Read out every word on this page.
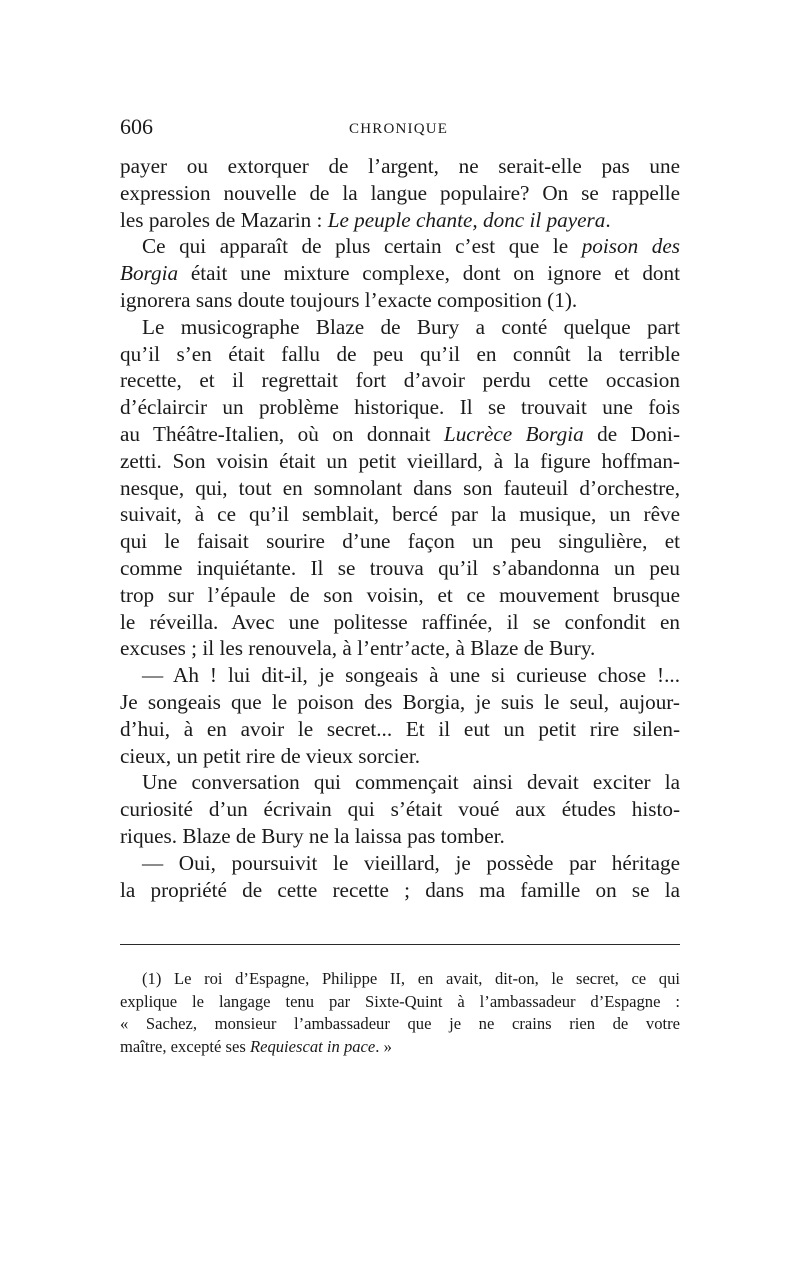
606	CHRONIQUE
payer ou extorquer de l’argent, ne serait-elle pas une
expression nouvelle de la langue populaire? On se rappelle
les paroles de Mazarin : Le peuple chante, donc il payera.
Ce qui apparaît de plus certain c’est que le poison des
Borgia était une mixture complexe, dont on ignore et dont
ignorera sans doute toujours l’exacte composition (1).
Le musicographe Blaze de Bury a conté quelque part
qu’il s’en était fallu de peu qu’il en connût la terrible
recette, et il regrettait fort d’avoir perdu cette occasion
d’éclaircir un problème historique. Il se trouvait une fois
au Théâtre-Italien, où on donnait Lucrèce Borgia de Doni-
zetti. Son voisin était un petit vieillard, à la figure hoffman-
nesque, qui, tout en somnolant dans son fauteuil d’orchestre,
suivait, à ce qu’il semblait, bercé par la musique, un rêve
qui le faisait sourire d’une façon un peu singulière, et
comme inquiétante. Il se trouva qu’il s’abandonna un peu
trop sur l’épaule de son voisin, et ce mouvement brusque
le réveilla. Avec une politesse raffinée, il se confondit en
excuses ; il les renouvela, à l’entr’acte, à Blaze de Bury.
— Ah ! lui dit-il, je songeais à une si curieuse chose !...
Je songeais que le poison des Borgia, je suis le seul, aujour-
d’hui, à en avoir le secret... Et il eut un petit rire silen-
cieux, un petit rire de vieux sorcier.
Une conversation qui commençait ainsi devait exciter la
curiosité d’un écrivain qui s’était voué aux études histo-
riques. Blaze de Bury ne la laissa pas tomber.
— Oui, poursuivit le vieillard, je possède par héritage
la propriété de cette recette ; dans ma famille on se la
(1) Le roi d’Espagne, Philippe II, en avait, dit-on, le secret, ce qui
explique le langage tenu par Sixte-Quint à l’ambassadeur d’Espagne :
« Sachez, monsieur l’ambassadeur que je ne crains rien de votre
maître, excepté ses Requiescat in pace. »
